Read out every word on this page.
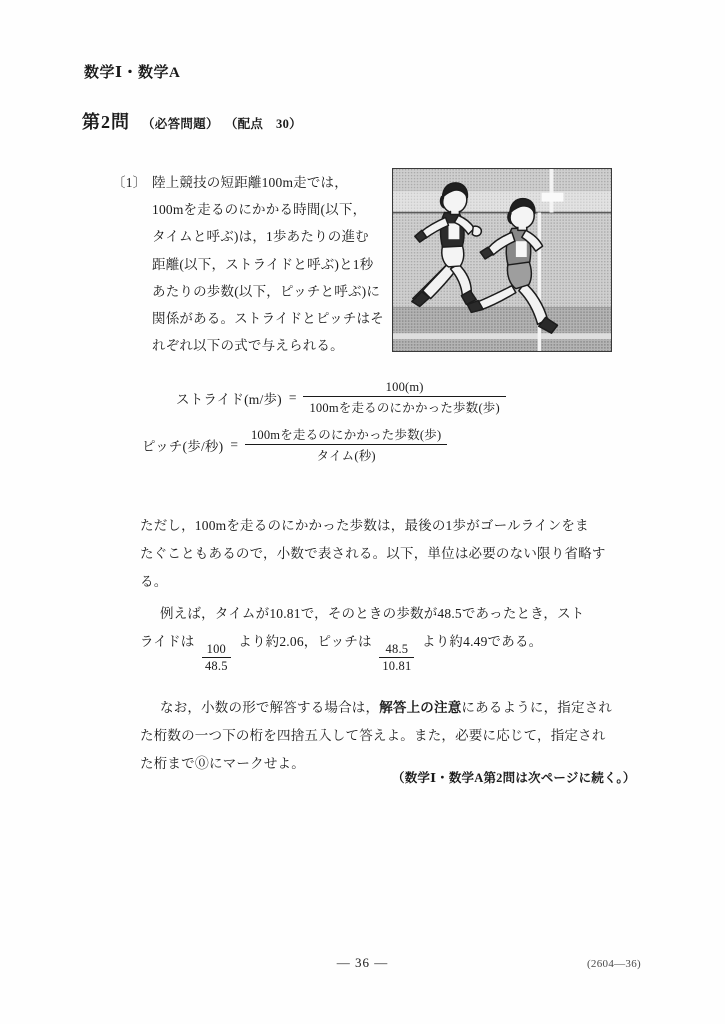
数学Ⅰ・数学A
第2問 （必答問題） （配点　30）
〔1〕 陸上競技の短距離100m走では，
100mを走るのにかかる時間(以下，
タイムと呼ぶ)は，1歩あたりの進む
距離(以下，ストライドと呼ぶ)と1秒
あたりの歩数(以下，ピッチと呼ぶ)に
関係がある。ストライドとピッチはそ
れぞれ以下の式で与えられる。
ストライド(m/歩) = $\frac{100(m)}{\text{100mを走るのにかかった歩数(歩)}}$
ピッチ(歩/秒) = $\frac{\text{100mを走るのにかかった歩数(歩)}}{\text{タイム(秒)}}$
ただし，100mを走るのにかかった歩数は，最後の1歩がゴールラインをま
たぐこともあるので，小数で表される。以下，単位は必要のない限り省略す
る。
例えば，タイムが10.81で，そのときの歩数が48.5であったとき，スト
ライドは
$\frac{100}{48.5}$
より約2.06，ピッチは
$\frac{48.5}{10.81}$
より約4.49である。
なお，小数の形で解答する場合は，解答上の注意にあるように，指定され
た桁数の一つ下の桁を四捨五入して答えよ。また，必要に応じて，指定され
た桁まで⓪にマークせよ。
（数学Ⅰ・数学A第2問は次ページに続く。）
— 36 —	(2604—36)
